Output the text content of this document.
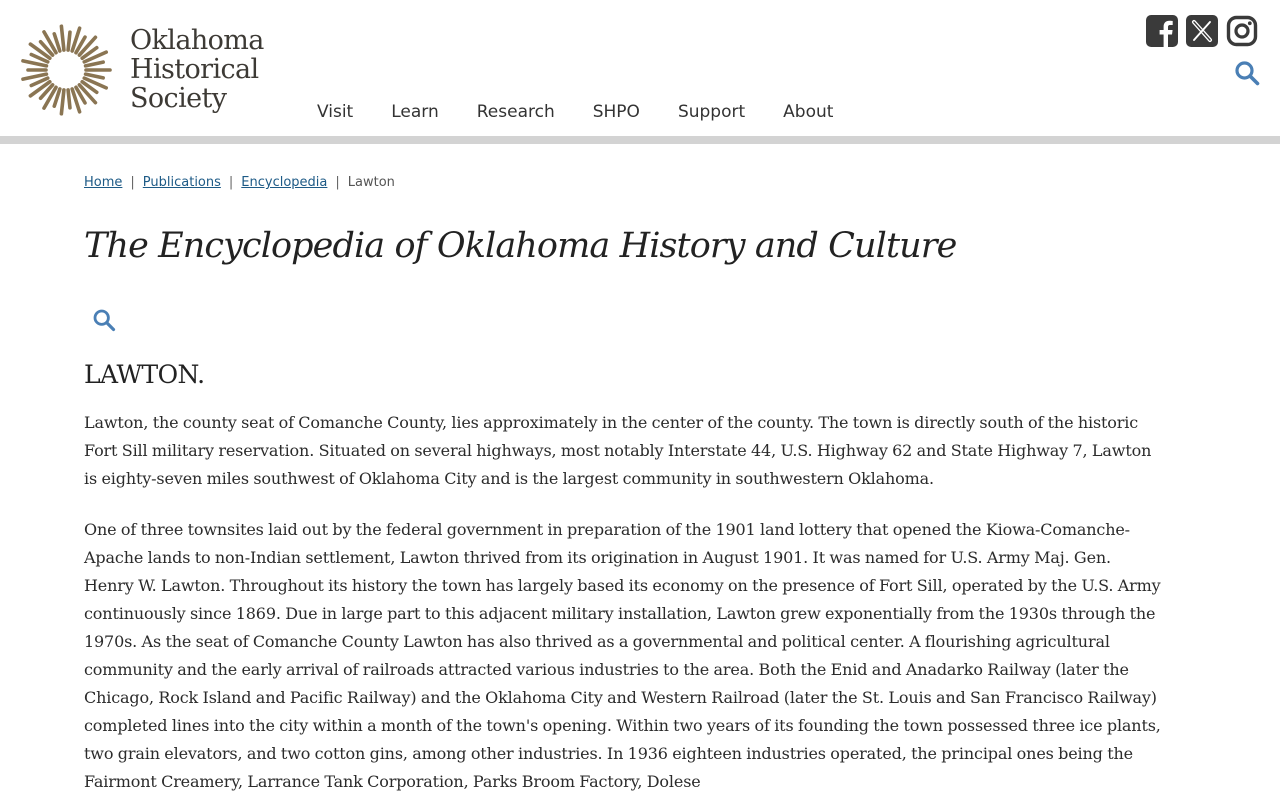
Oklahoma
Historical
Society	Visit	Learn	Research	SHPO	Support	About
Home | Publications | Encyclopedia | Lawton
The Encyclopedia of Oklahoma History and Culture
LAWTON.

Lawton, the county seat of Comanche County, lies approximately in the center of the county. The town is directly south of the historic Fort Sill military reservation. Situated on several highways, most notably Interstate 44, U.S. Highway 62 and State Highway 7, Lawton is eighty-seven miles southwest of Oklahoma City and is the largest community in southwestern Oklahoma.

One of three townsites laid out by the federal government in preparation of the 1901 land lottery that opened the Kiowa-Comanche-Apache lands to non-Indian settlement, Lawton thrived from its origination in August 1901. It was named for U.S. Army Maj. Gen. Henry W. Lawton. Throughout its history the town has largely based its economy on the presence of Fort Sill, operated by the U.S. Army continuously since 1869. Due in large part to this adjacent military installation, Lawton grew exponentially from the 1930s through the 1970s. As the seat of Comanche County Lawton has also thrived as a governmental and political center. A flourishing agricultural community and the early arrival of railroads attracted various industries to the area. Both the Enid and Anadarko Railway (later the Chicago, Rock Island and Pacific Railway) and the Oklahoma City and Western Railroad (later the St. Louis and San Francisco Railway) completed lines into the city within a month of the town's opening. Within two years of its founding the town possessed three ice plants, two grain elevators, and two cotton gins, among other industries. In 1936 eighteen industries operated, the principal ones being the Fairmont Creamery, Larrance Tank Corporation, Parks Broom Factory, Dolese
